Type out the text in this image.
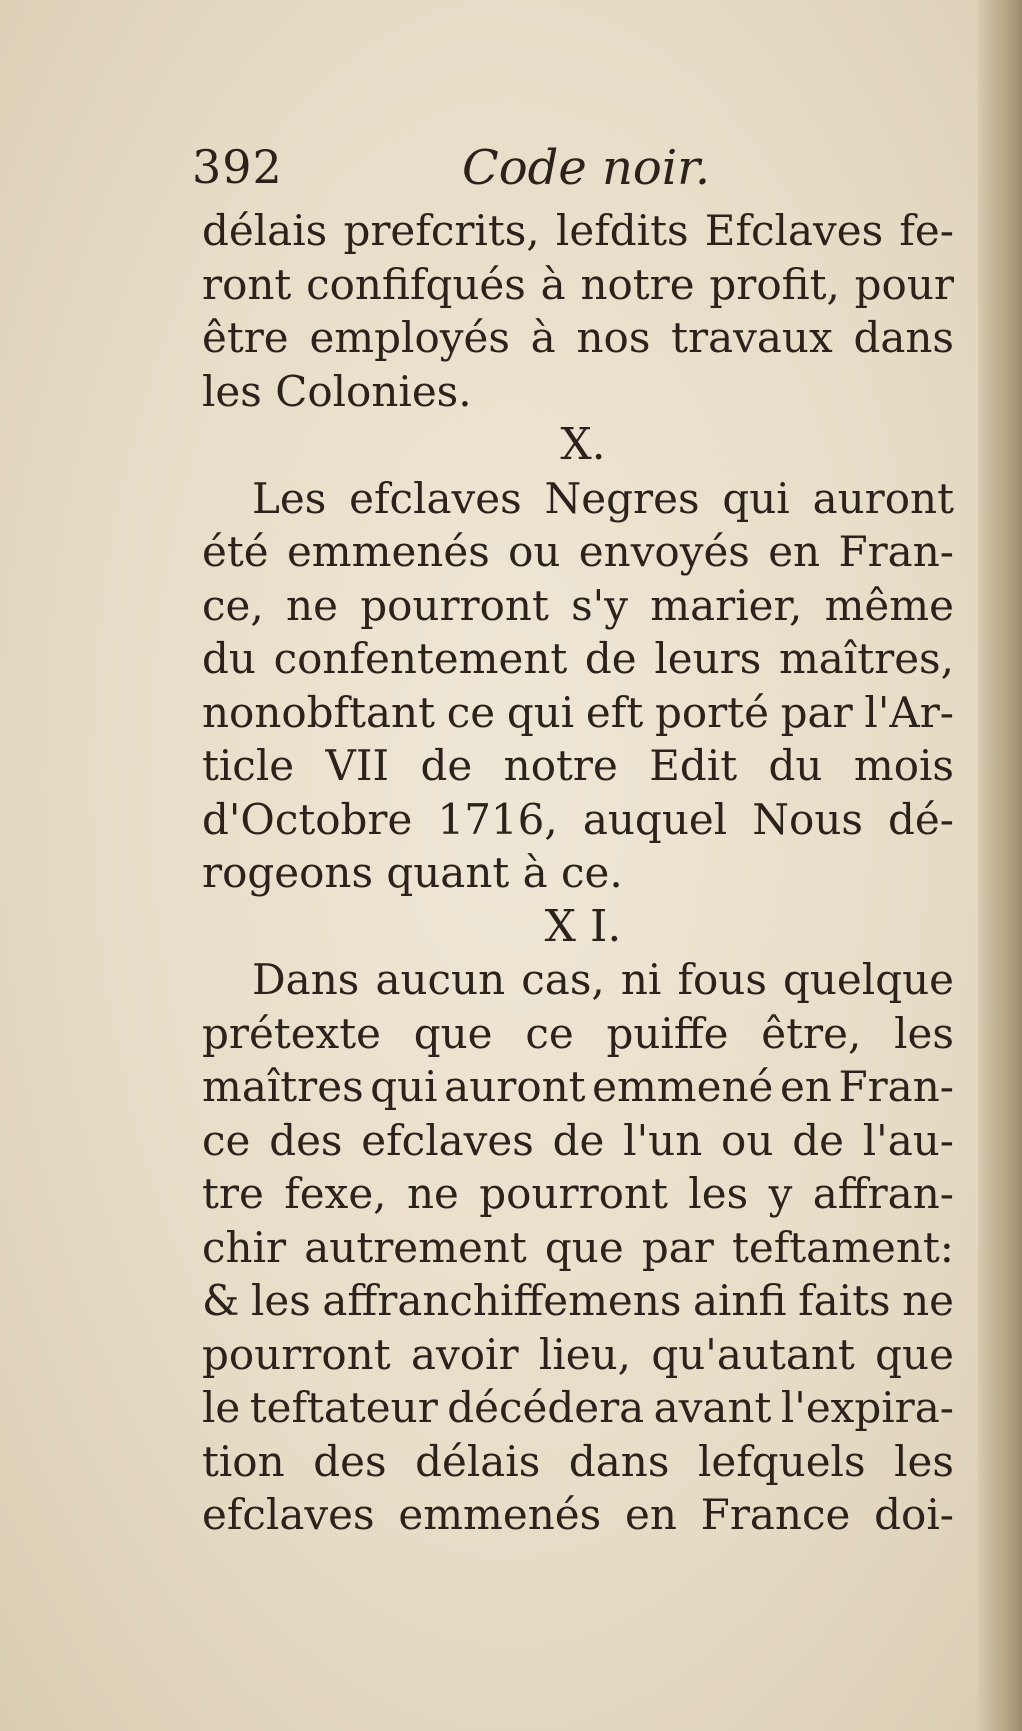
392	Code noir.
délais prefcrits, lefdits Efclaves fe-
ront confifqués à notre profit, pour
être employés à nos travaux dans
les Colonies.
X.
Les efclaves Negres qui auront
été emmenés ou envoyés en Fran-
ce, ne pourront s'y marier, même
du confentement de leurs maîtres,
nonobftant ce qui eft porté par l'Ar-
ticle VII de notre Edit du mois
d'Octobre 1716, auquel Nous dé-
rogeons quant à ce.
X I.
Dans aucun cas, ni fous quelque
prétexte que ce puiffe être, les
maîtres qui auront emmené en Fran-
ce des efclaves de l'un ou de l'au-
tre fexe, ne pourront les y affran-
chir autrement que par teftament:
& les affranchiffemens ainfi faits ne
pourront avoir lieu, qu'autant que
le teftateur décédera avant l'expira-
tion des délais dans lefquels les
efclaves emmenés en France doi-
